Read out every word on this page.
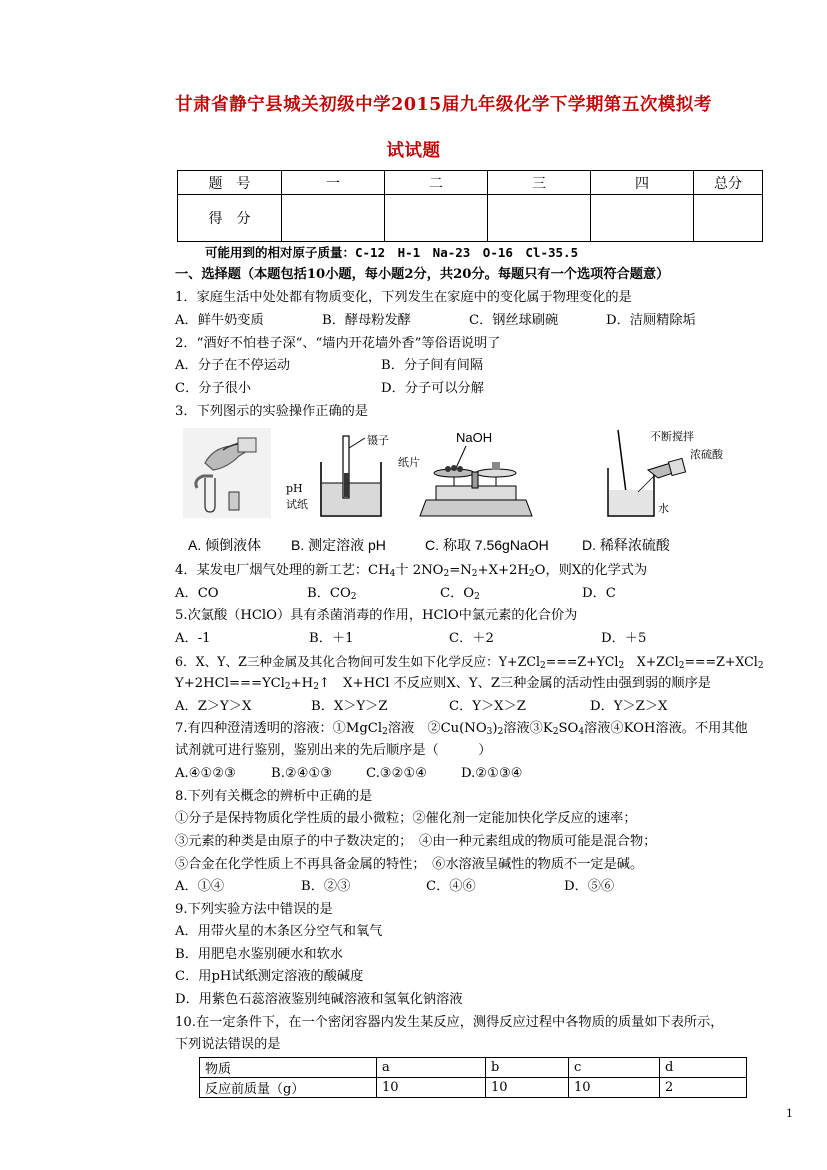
甘肃省静宁县城关初级中学2015届九年级化学下学期第五次模拟考
试试题
题　号	一	二	三	四	总分
得　分					
可能用到的相对原子质量：C-12　H-1　Na-23　O-16　Cl-35.5
一、选择题（本题包括10小题，每小题2分，共20分。每题只有一个选项符合题意）
1．家庭生活中处处都有物质变化，下列发生在家庭中的变化属于物理变化的是
A．鲜牛奶变质	B．酵母粉发酵	C．钢丝球刷碗	D．洁厕精除垢
2．“酒好不怕巷子深“、“墙内开花墙外香”等俗语说明了
A．分子在不停运动	B．分子间有间隔
C．分子很小	D．分子可以分解
3．下列图示的实验操作正确的是
镊子
pH
试纸
NaOH
纸片
不断搅拌
浓硫酸
水
A. 倾倒液体 B. 测定溶液 pH	C. 称取 7.56gNaOH D. 稀释浓硫酸
4．某发电厂烟气处理的新工艺：$CH_4$十 $2NO_2=N_2+X+2H_2O$，则X的化学式为
A．CO	B．$CO_2$	C．$O_2$	D．C
5.次氯酸（HClO）具有杀菌消毒的作用，HClO中氯元素的化合价为
A．-1	B．＋1	C．＋2	D．＋5
6．X、Y、Z三种金属及其化合物间可发生如下化学反应：Y+ZCl$_2$===Z+YCl$_2$　X+ZCl$_2$===Z+XCl$_2$
$Y+2HCl===YCl_2+H_2↑$　X+HCl 不反应则X、Y、Z三种金属的活动性由强到弱的顺序是
A．Z＞Y＞X	B．X＞Y＞Z	C．Y＞X＞Z	D．Y＞Z＞X
7.有四种澄清透明的溶液：①MgCl$_2$溶液　$②Cu(NO_3)_2$溶液$③K_2SO_4$溶液④KOH溶液。不用其他
试剂就可进行鉴别，鉴别出来的先后顺序是（　　　）
A.④①②③	B.②④①③	C.③②①④	D.②①③④
8.下列有关概念的辨析中正确的是
①分子是保持物质化学性质的最小微粒；②催化剂一定能加快化学反应的速率；
③元素的种类是由原子的中子数决定的；　④由一种元素组成的物质可能是混合物；
⑤合金在化学性质上不再具备金属的特性；　⑥水溶液呈碱性的物质不一定是碱。
A．①④	B．②③	C．④⑥	D．⑤⑥
9.下列实验方法中错误的是
A．用带火星的木条区分空气和氧气
B．用肥皂水鉴别硬水和软水
C．用pH试纸测定溶液的酸碱度
D．用紫色石蕊溶液鉴别纯碱溶液和氢氧化钠溶液
10.在一定条件下，在一个密闭容器内发生某反应，测得反应过程中各物质的质量如下表所示，
下列说法错误的是
物质	a	b	c	d
反应前质量（g）	10	10	10	2
1
